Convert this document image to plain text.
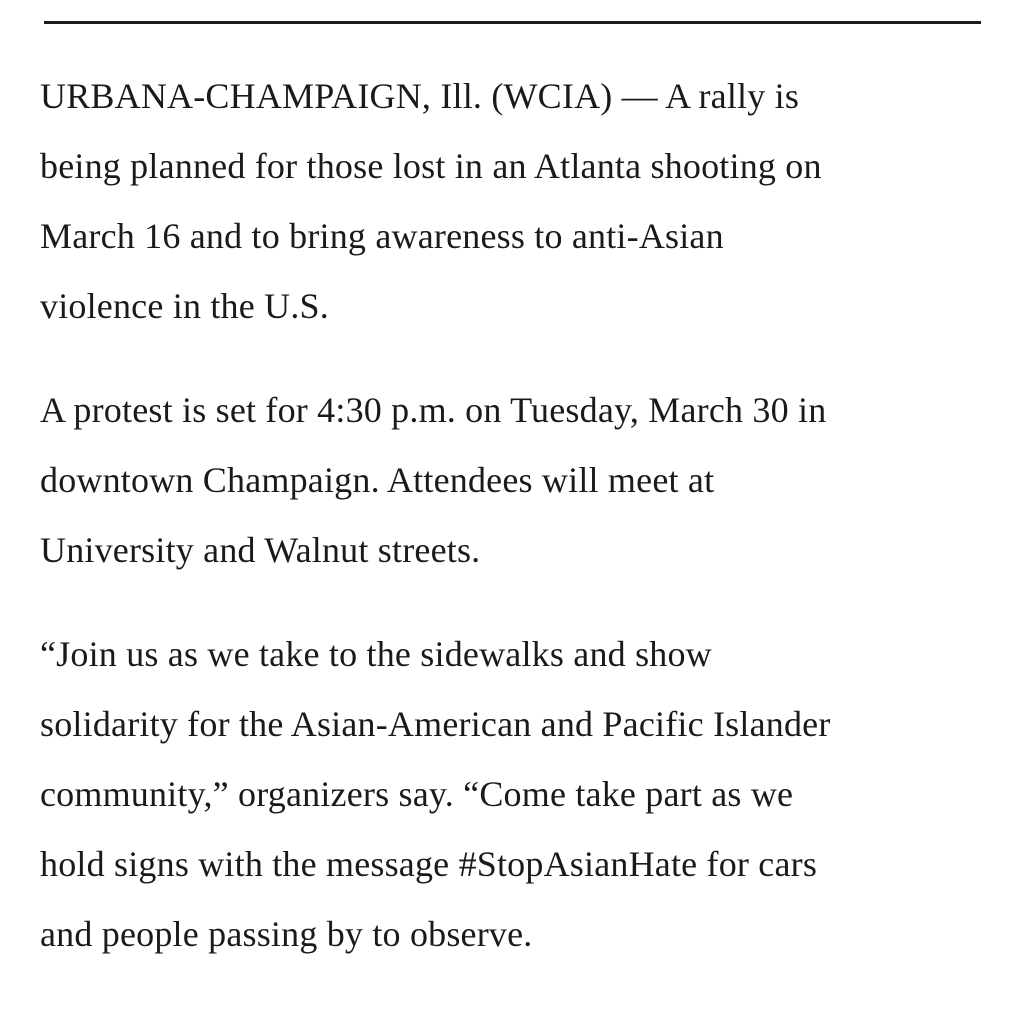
URBANA-CHAMPAIGN, Ill. (WCIA) — A rally is
being planned for those lost in an Atlanta shooting on
March 16 and to bring awareness to anti-Asian
violence in the U.S.

A protest is set for 4:30 p.m. on Tuesday, March 30 in
downtown Champaign. Attendees will meet at
University and Walnut streets.

“Join us as we take to the sidewalks and show
solidarity for the Asian-American and Pacific Islander
community,” organizers say. “Come take part as we
hold signs with the message #StopAsianHate for cars
and people passing by to observe.
